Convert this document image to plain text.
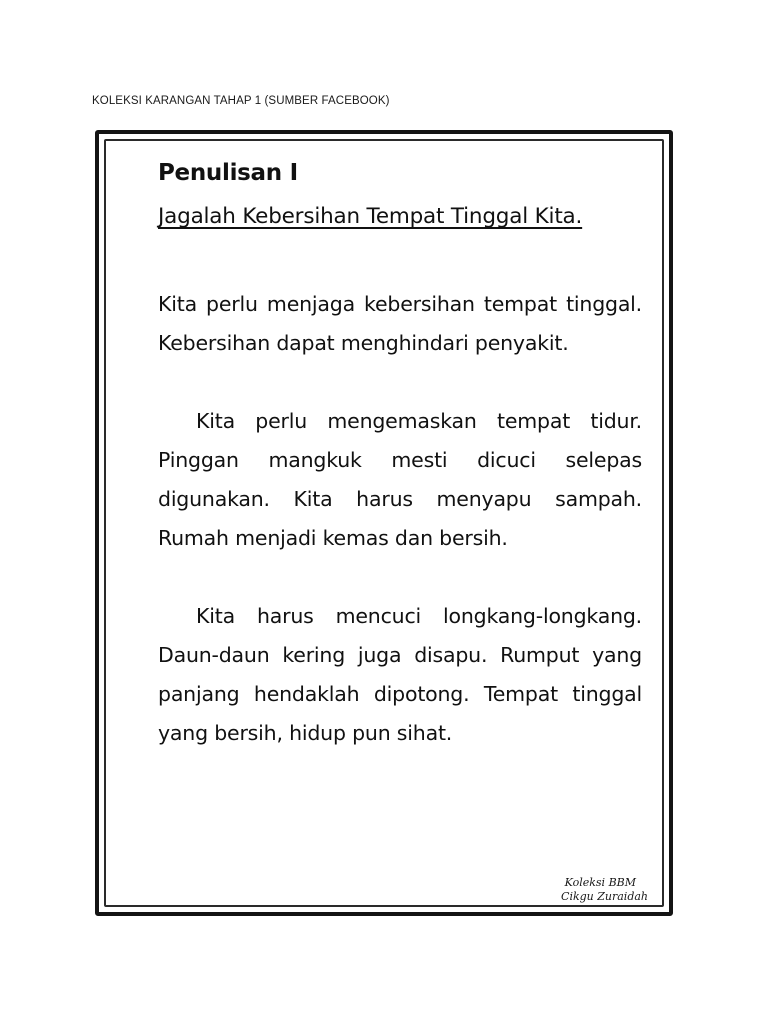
KOLEKSI KARANGAN TAHAP 1 (SUMBER FACEBOOK)
Penulisan I
Jagalah Kebersihan Tempat Tinggal Kita.

Kita perlu menjaga kebersihan tempat tinggal. Kebersihan dapat menghindari penyakit.

Kita perlu mengemaskan tempat tidur. Pinggan mangkuk mesti dicuci selepas digunakan. Kita harus menyapu sampah. Rumah menjadi kemas dan bersih.

Kita harus mencuci longkang-longkang. Daun-daun kering juga disapu. Rumput yang panjang hendaklah dipotong. Tempat tinggal yang bersih, hidup pun sihat.

Koleksi BBM
Cikgu Zuraidah
